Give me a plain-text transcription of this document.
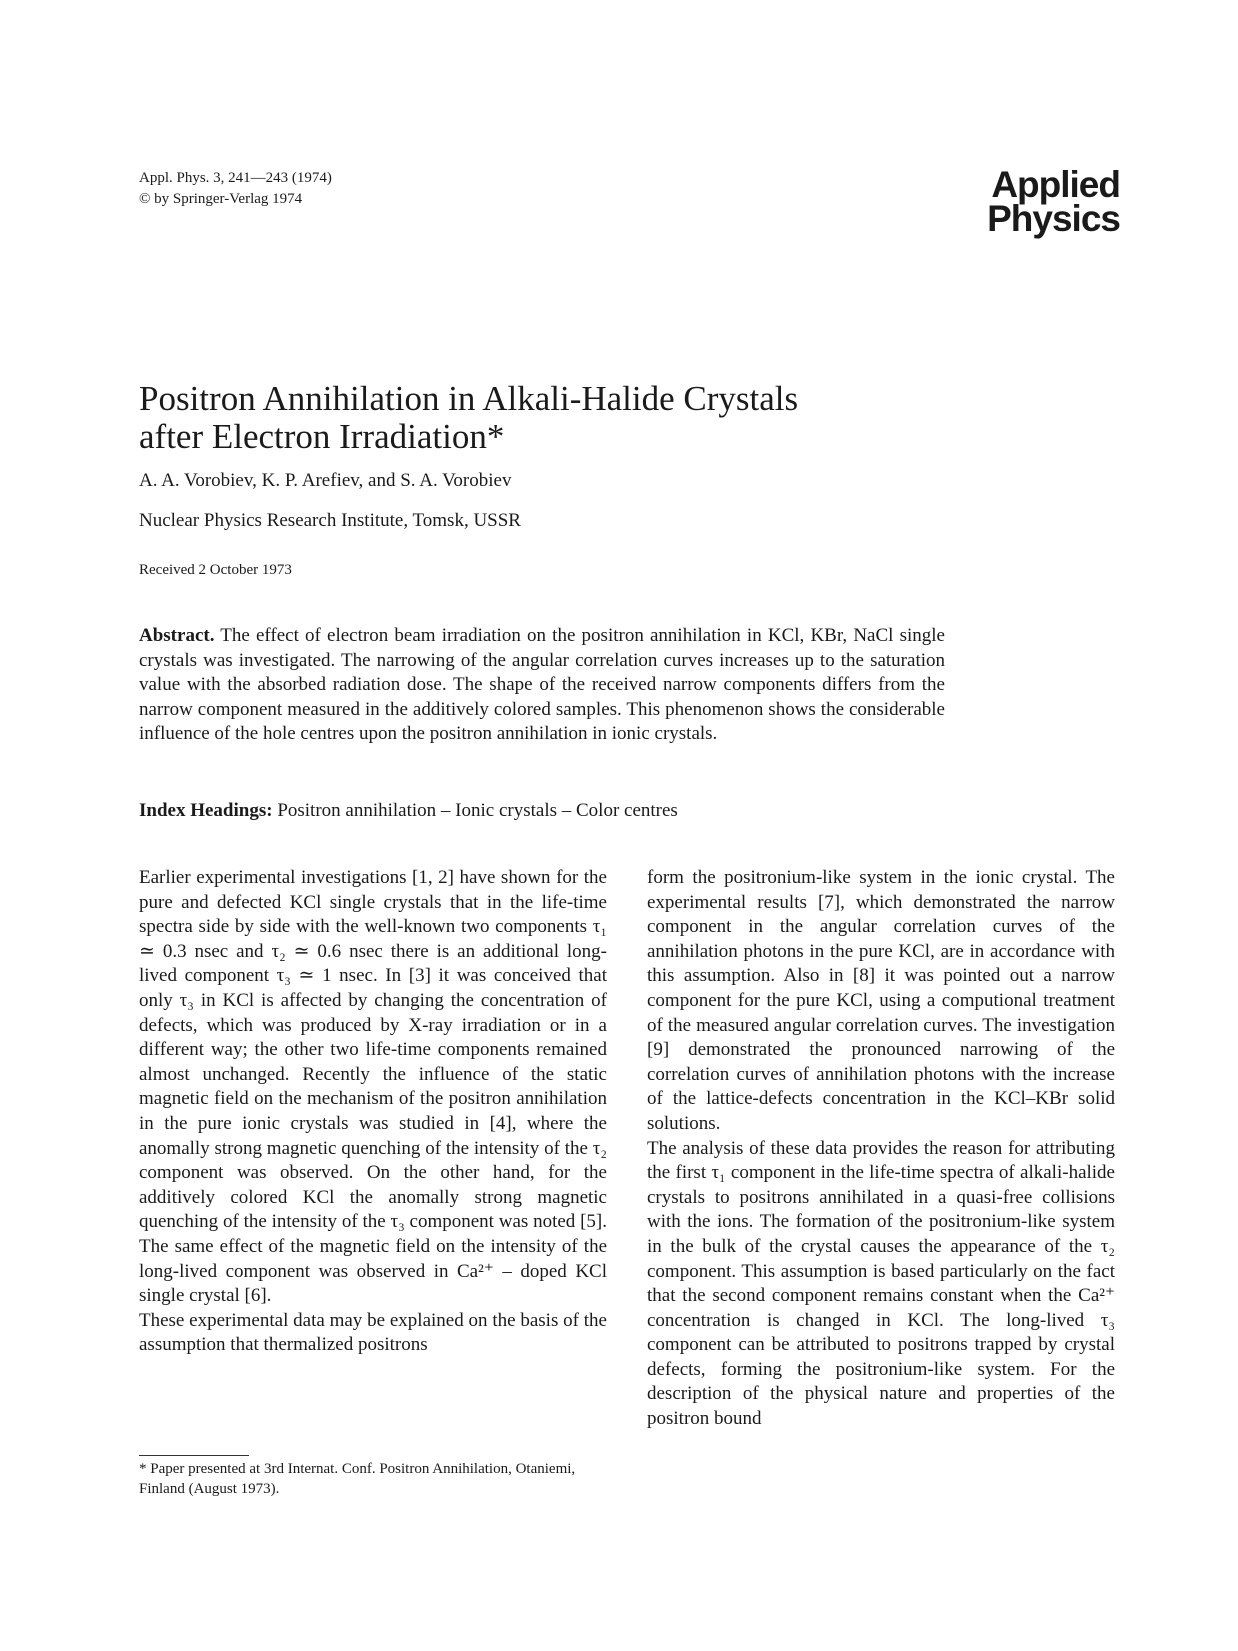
Appl. Phys. 3, 241—243 (1974)
© by Springer-Verlag 1974	Applied
Physics
Positron Annihilation in Alkali-Halide Crystals
after Electron Irradiation*
A. A. Vorobiev, K. P. Arefiev, and S. A. Vorobiev
Nuclear Physics Research Institute, Tomsk, USSR
Received 2 October 1973

Abstract. The effect of electron beam irradiation on the positron annihilation in KCl, KBr, NaCl single crystals was investigated. The narrowing of the angular correlation curves increases up to the saturation value with the absorbed radiation dose. The shape of the received narrow components differs from the narrow component measured in the additively colored samples. This phenomenon shows the considerable influence of the hole centres upon the positron annihilation in ionic crystals.

Index Headings: Positron annihilation – Ionic crystals – Color centres

Earlier experimental investigations [1, 2] have shown for the pure and defected KCl single crystals that in the life-time spectra side by side with the well-known two components τ₁ ≃ 0.3 nsec and τ₂ ≃ 0.6 nsec there is an additional long-lived component τ₃ ≃ 1 nsec. In [3] it was conceived that only τ₃ in KCl is affected by changing the concentration of defects, which was produced by X-ray irradiation or in a different way; the other two life-time components remained almost unchanged. Recently the influence of the static magnetic field on the mechanism of the positron annihilation in the pure ionic crystals was studied in [4], where the anomally strong magnetic quenching of the intensity of the τ₂ component was observed. On the other hand, for the additively colored KCl the anomally strong magnetic quenching of the intensity of the τ₃ component was noted [5]. The same effect of the magnetic field on the intensity of the long-lived component was observed in Ca²⁺ – doped KCl single crystal [6].

These experimental data may be explained on the basis of the assumption that thermalized positrons

form the positronium-like system in the ionic crystal. The experimental results [7], which demonstrated the narrow component in the angular correlation curves of the annihilation photons in the pure KCl, are in accordance with this assumption. Also in [8] it was pointed out a narrow component for the pure KCl, using a computional treatment of the measured angular correlation curves. The investigation [9] demonstrated the pronounced narrowing of the correlation curves of annihilation photons with the increase of the lattice-defects concentration in the KCl–KBr solid solutions.

The analysis of these data provides the reason for attributing the first τ₁ component in the life-time spectra of alkali-halide crystals to positrons annihilated in a quasi-free collisions with the ions. The formation of the positronium-like system in the bulk of the crystal causes the appearance of the τ₂ component. This assumption is based particularly on the fact that the second component remains constant when the Ca²⁺ concentration is changed in KCl. The long-lived τ₃ component can be attributed to positrons trapped by crystal defects, forming the positronium-like system. For the description of the physical nature and properties of the positron bound

* Paper presented at 3rd Internat. Conf. Positron Annihilation, Otaniemi, Finland (August 1973).
